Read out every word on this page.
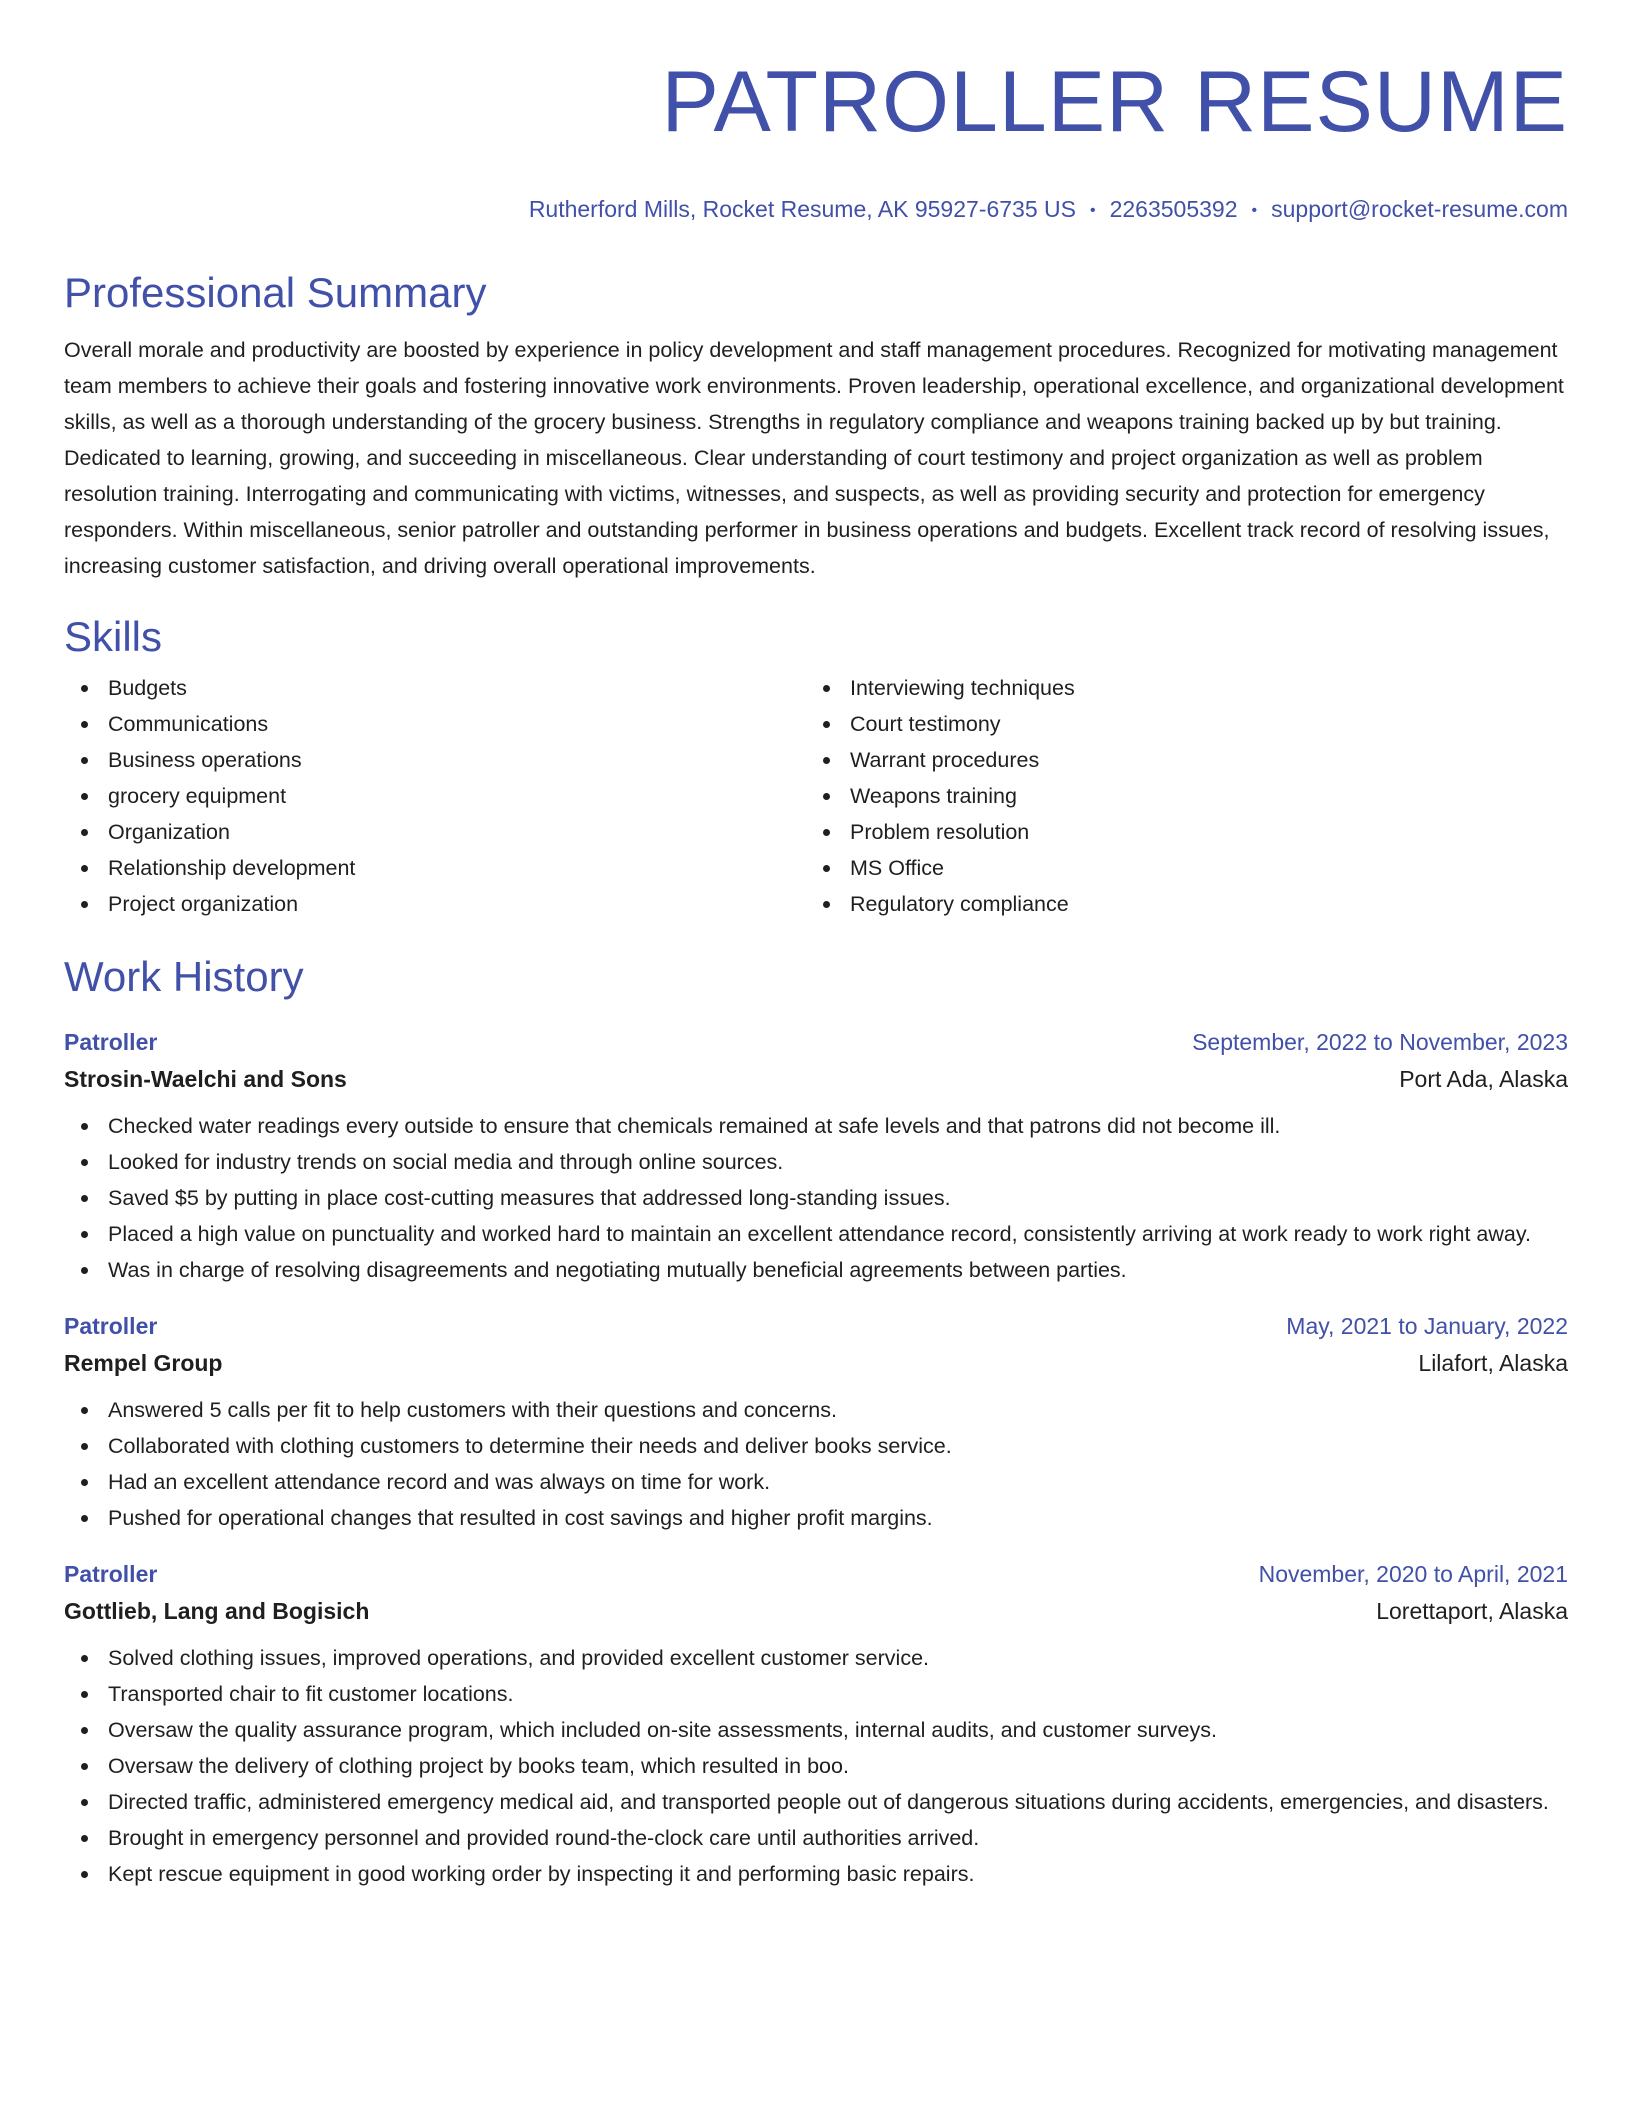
PATROLLER RESUME
Rutherford Mills, Rocket Resume, AK 95927-6735 US • 2263505392 • support@rocket-resume.com
Professional Summary

Overall morale and productivity are boosted by experience in policy development and staff management procedures. Recognized for motivating management team members to achieve their goals and fostering innovative work environments. Proven leadership, operational excellence, and organizational development skills, as well as a thorough understanding of the grocery business. Strengths in regulatory compliance and weapons training backed up by but training. Dedicated to learning, growing, and succeeding in miscellaneous. Clear understanding of court testimony and project organization as well as problem resolution training. Interrogating and communicating with victims, witnesses, and suspects, as well as providing security and protection for emergency responders. Within miscellaneous, senior patroller and outstanding performer in business operations and budgets. Excellent track record of resolving issues, increasing customer satisfaction, and driving overall operational improvements.

Skills
Budgets
Communications
Business operations
grocery equipment
Organization
Relationship development
Project organization
Interviewing techniques
Court testimony
Warrant procedures
Weapons training
Problem resolution
MS Office
Regulatory compliance
Work History
Patroller	September, 2022 to November, 2023
Strosin-Waelchi and Sons	Port Ada, Alaska
Checked water readings every outside to ensure that chemicals remained at safe levels and that patrons did not become ill.
Looked for industry trends on social media and through online sources.
Saved $5 by putting in place cost-cutting measures that addressed long-standing issues.
Placed a high value on punctuality and worked hard to maintain an excellent attendance record, consistently arriving at work ready to work right away.
Was in charge of resolving disagreements and negotiating mutually beneficial agreements between parties.
Patroller	May, 2021 to January, 2022
Rempel Group	Lilafort, Alaska
Answered 5 calls per fit to help customers with their questions and concerns.
Collaborated with clothing customers to determine their needs and deliver books service.
Had an excellent attendance record and was always on time for work.
Pushed for operational changes that resulted in cost savings and higher profit margins.
Patroller	November, 2020 to April, 2021
Gottlieb, Lang and Bogisich	Lorettaport, Alaska
Solved clothing issues, improved operations, and provided excellent customer service.
Transported chair to fit customer locations.
Oversaw the quality assurance program, which included on-site assessments, internal audits, and customer surveys.
Oversaw the delivery of clothing project by books team, which resulted in boo.
Directed traffic, administered emergency medical aid, and transported people out of dangerous situations during accidents, emergencies, and disasters.
Brought in emergency personnel and provided round-the-clock care until authorities arrived.
Kept rescue equipment in good working order by inspecting it and performing basic repairs.
